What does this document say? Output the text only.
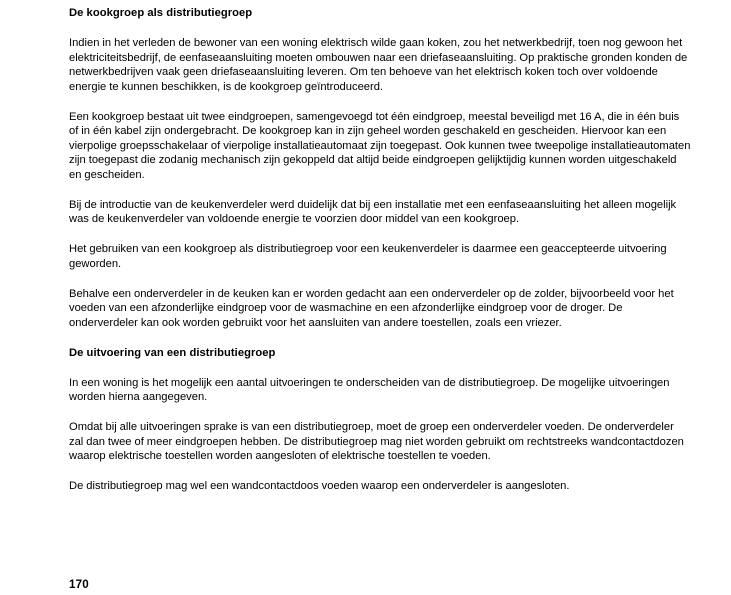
De kookgroep als distributiegroep

Indien in het verleden de bewoner van een woning elektrisch wilde gaan koken, zou het netwerkbedrijf, toen nog gewoon het elektriciteitsbedrijf, de eenfaseaansluiting moeten ombouwen naar een driefaseaansluiting. Op praktische gronden konden de netwerkbedrijven vaak geen driefaseaansluiting leveren. Om ten behoeve van het elektrisch koken toch over voldoende energie te kunnen beschikken, is de kookgroep geïntroduceerd.

Een kookgroep bestaat uit twee eindgroepen, samengevoegd tot één eindgroep, meestal beveiligd met 16 A, die in één buis of in één kabel zijn ondergebracht. De kookgroep kan in zijn geheel worden geschakeld en gescheiden. Hiervoor kan een vierpolige groepsschakelaar of vierpolige installatieautomaat zijn toegepast. Ook kunnen twee tweepolige installatieautomaten zijn toegepast die zodanig mechanisch zijn gekoppeld dat altijd beide eindgroepen gelijktijdig kunnen worden uitgeschakeld en gescheiden.

Bij de introductie van de keukenverdeler werd duidelijk dat bij een installatie met een eenfaseaansluiting het alleen mogelijk was de keukenverdeler van voldoende energie te voorzien door middel van een kookgroep.

Het gebruiken van een kookgroep als distributiegroep voor een keukenverdeler is daarmee een geaccepteerde uitvoering geworden.

Behalve een onderverdeler in de keuken kan er worden gedacht aan een onderverdeler op de zolder, bijvoorbeeld voor het voeden van een afzonderlijke eindgroep voor de wasmachine en een afzonderlijke eindgroep voor de droger. De onderverdeler kan ook worden gebruikt voor het aansluiten van andere toestellen, zoals een vriezer.

De uitvoering van een distributiegroep

In een woning is het mogelijk een aantal uitvoeringen te onderscheiden van de distributiegroep. De mogelijke uitvoeringen worden hierna aangegeven.

Omdat bij alle uitvoeringen sprake is van een distributiegroep, moet de groep een onderverdeler voeden. De onderverdeler zal dan twee of meer eindgroepen hebben. De distributiegroep mag niet worden gebruikt om rechtstreeks wandcontactdozen waarop elektrische toestellen worden aangesloten of elektrische toestellen te voeden.

De distributiegroep mag wel een wandcontactdoos voeden waarop een onderverdeler is aangesloten.

170
